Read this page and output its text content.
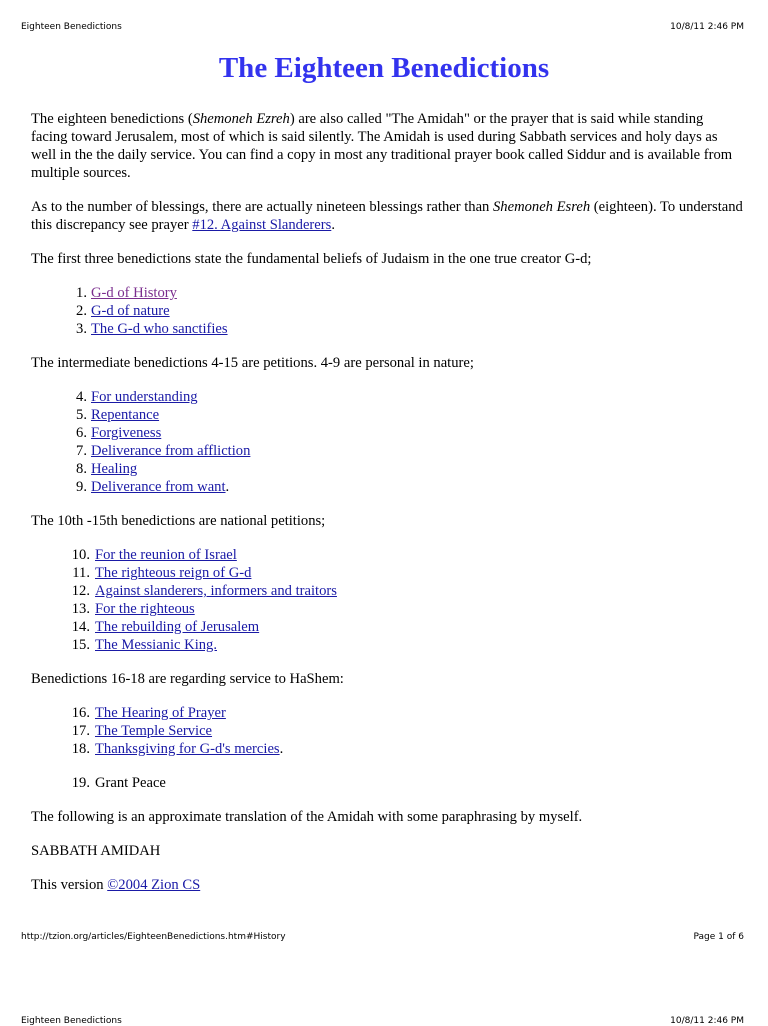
Eighteen Benedictions	10/8/11 2:46 PM
The Eighteen Benedictions

The eighteen benedictions (Shemoneh Ezreh) are also called "The Amidah" or the prayer that is said while standing facing toward Jerusalem, most of which is said silently. The Amidah is used during Sabbath services and holy days as well in the the daily service. You can find a copy in most any traditional prayer book called Siddur and is available from multiple sources.

As to the number of blessings, there are actually nineteen blessings rather than Shemoneh Esreh (eighteen). To understand this discrepancy see prayer #12. Against Slanderers.

The first three benedictions state the fundamental beliefs of Judaism in the one true creator G-d;

1. G-d of History
2. G-d of nature
3. The G-d who sanctifies

The intermediate benedictions 4-15 are petitions. 4-9 are personal in nature;

4. For understanding
5. Repentance
6. Forgiveness
7. Deliverance from affliction
8. Healing
9. Deliverance from want.

The 10th -15th benedictions are national petitions;

10. For the reunion of Israel
11. The righteous reign of G-d
12. Against slanderers, informers and traitors
13. For the righteous
14. The rebuilding of Jerusalem
15. The Messianic King.

Benedictions 16-18 are regarding service to HaShem:

16. The Hearing of Prayer
17. The Temple Service
18. Thanksgiving for G-d's mercies.
19. Grant Peace

The following is an approximate translation of the Amidah with some paraphrasing by myself.

SABBATH AMIDAH

This version ©2004 Zion CS

http://tzion.org/articles/EighteenBenedictions.htm#History	Page 1 of 6
Eighteen Benedictions	10/8/11 2:46 PM
